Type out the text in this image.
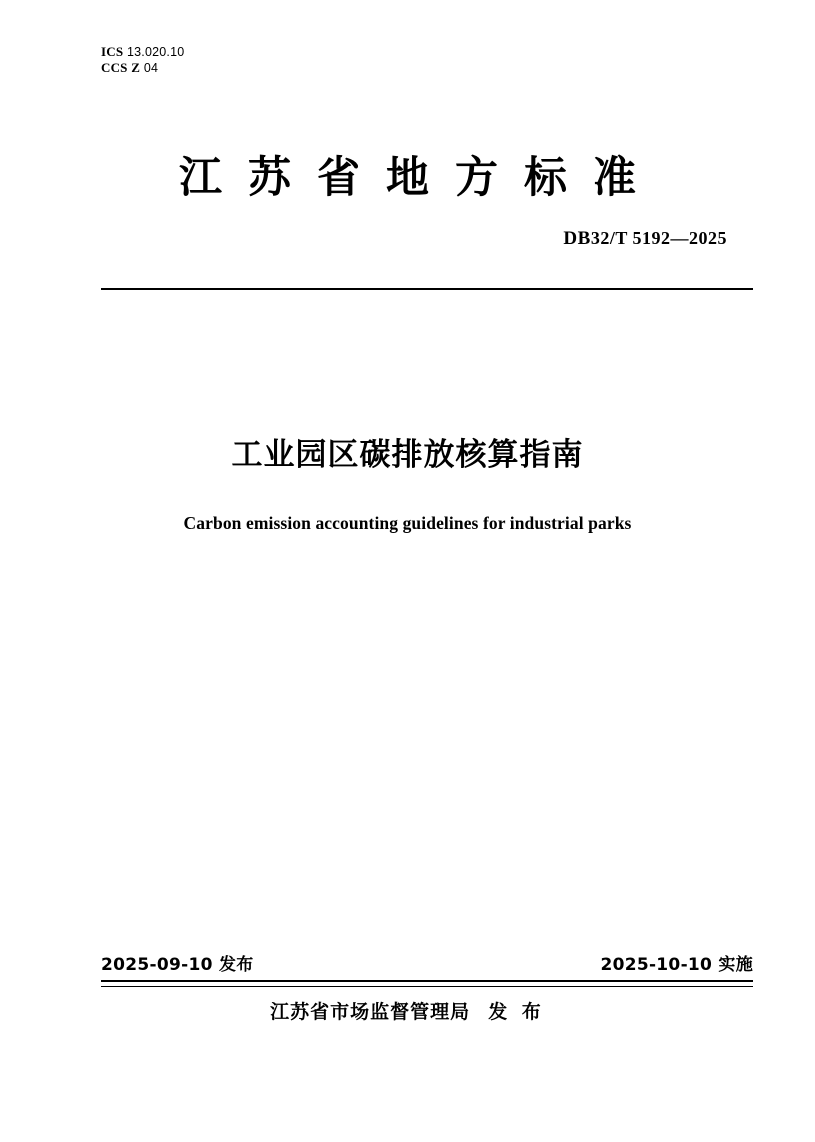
ICS 13.020.10
CCS Z 04
江苏省地方标准
DB32/T 5192—2025
工业园区碳排放核算指南
Carbon emission accounting guidelines for industrial parks
2025-09-10 发布	2025-10-10 实施
江苏省市场监督管理局 发 布
